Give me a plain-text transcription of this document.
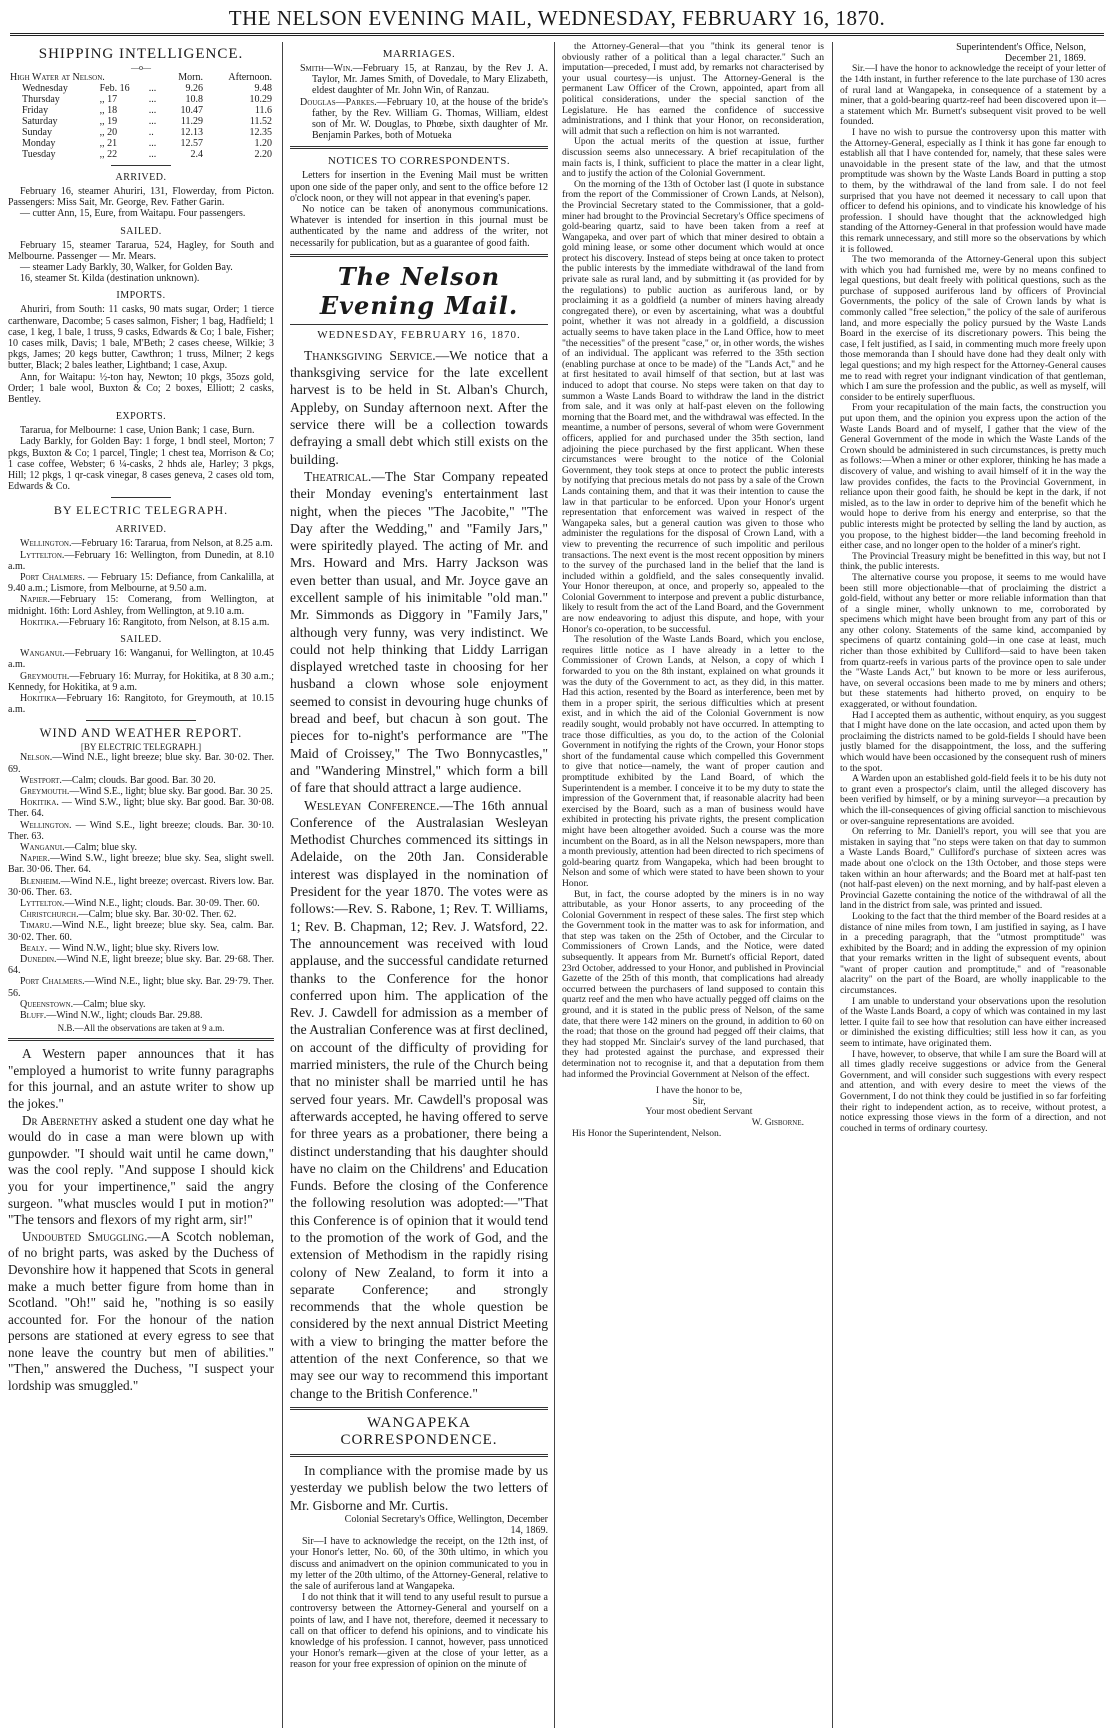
THE NELSON EVENING MAIL, WEDNESDAY, FEBRUARY 16, 1870.
SHIPPING INTELLIGENCE.
—o—
High Water at Nelson.			Morn.	Afternoon.
Wednesday	Feb. 16	...	9.26	9.48
Thursday	,, 17	...	10.8	10.29
Friday	,, 18	...	10.47	11.6
Saturday	,, 19	...	11.29	11.52
Sunday	,, 20	..	12.13	12.35
Monday	,, 21	...	12.57	1.20
Tuesday	,, 22	...	2.4	2.20
ARRIVED.

February 16, steamer Ahuriri, 131, Flowerday, from Picton. Passengers: Miss Sait, Mr. George, Rev. Father Garin.

— cutter Ann, 15, Eure, from Waitapu. Four passengers.

SAILED.

February 15, steamer Tararua, 524, Hagley, for South and Melbourne. Passenger — Mr. Mears.

— steamer Lady Barkly, 30, Walker, for Golden Bay.

16, steamer St. Kilda (destination unknown).

IMPORTS.

Ahuriri, from South: 11 casks, 90 mats sugar, Order; 1 tierce carthenware, Dacombe; 5 cases salmon, Fisher; 1 bag, Hadfield; 1 case, 1 keg, 1 bale, 1 truss, 9 casks, Edwards & Co; 1 bale, Fisher; 10 cases milk, Davis; 1 bale, M'Beth; 2 cases cheese, Wilkie; 3 pkgs, James; 20 kegs butter, Cawthron; 1 truss, Milner; 2 kegs butter, Black; 2 bales leather, Lightband; 1 case, Axup.

Ann, for Waitapu: ½-ton hay, Newton; 10 pkgs, 35ozs gold, Order; 1 bale wool, Buxton & Co; 2 boxes, Elliott; 2 casks, Bentley.

EXPORTS.

Tararua, for Melbourne: 1 case, Union Bank; 1 case, Burn.

Lady Barkly, for Golden Bay: 1 forge, 1 bndl steel, Morton; 7 pkgs, Buxton & Co; 1 parcel, Tingle; 1 chest tea, Morrison & Co; 1 case coffee, Webster; 6 ¼-casks, 2 hhds ale, Harley; 3 pkgs, Hill; 12 pkgs, 1 qr-cask vinegar, 8 cases geneva, 2 cases old tom, Edwards & Co.

BY ELECTRIC TELEGRAPH.
ARRIVED.

Wellington.—February 16: Tararua, from Nelson, at 8.25 a.m.

Lyttelton.—February 16: Wellington, from Dunedin, at 8.10 a.m.

Port Chalmers. — February 15: Defiance, from Cankalilla, at 9.40 a.m.; Lismore, from Melbourne, at 9.50 a.m.

Napier.—February 15: Comerang, from Wellington, at midnight. 16th: Lord Ashley, from Wellington, at 9.10 a.m.

Hokitika.—February 16: Rangitoto, from Nelson, at 8.15 a.m.

SAILED.

Wanganui.—February 16: Wanganui, for Wellington, at 10.45 a.m.

Greymouth.—February 16: Murray, for Hokitika, at 8 30 a.m.; Kennedy, for Hokitika, at 9 a.m.

Hokitika—February 16: Rangitoto, for Greymouth, at 10.15 a.m.

WIND AND WEATHER REPORT.
[BY ELECTRIC TELEGRAPH.]

Nelson.—Wind N.E., light breeze; blue sky. Bar. 30·02. Ther. 69.

Westport.—Calm; clouds. Bar good. Bar. 30 20.

Greymouth.—Wind S.E., light; blue sky. Bar good. Bar. 30 25.

Hokitika. — Wind S.W., light; blue sky. Bar good. Bar. 30·08. Ther. 64.

Wellington. — Wind S.E., light breeze; clouds. Bar. 30·10. Ther. 63.

Wanganui.—Calm; blue sky.

Napier.—Wind S.W., light breeze; blue sky. Sea, slight swell. Bar. 30·06. Ther. 64.

Blenheim.—Wind N.E., light breeze; overcast. Rivers low. Bar. 30·06. Ther. 63.

Lyttelton.—Wind N.E., light; clouds. Bar. 30·09. Ther. 60.

Christchurch.—Calm; blue sky. Bar. 30·02. Ther. 62.

Timaru.—Wind N.E., light breeze; blue sky. Sea, calm. Bar. 30·02. Ther. 60.

Bealy. — Wind N.W., light; blue sky. Rivers low.

Dunedin.—Wind N.E, light breeze; blue sky. Bar. 29·68. Ther. 64.

Port Chalmers.—Wind N.E., light; blue sky. Bar. 29·79. Ther. 56.

Queenstown.—Calm; blue sky.

Bluff.—Wind N.W., light; clouds Bar. 29.88.

N.B.—All the observations are taken at 9 a.m.

A Western paper announces that it has "employed a humorist to write funny paragraphs for this journal, and an astute writer to show up the jokes."

Dr Abernethy asked a student one day what he would do in case a man were blown up with gunpowder. "I should wait until he came down," was the cool reply. "And suppose I should kick you for your impertinence," said the angry surgeon. "what muscles would I put in motion?" "The tensors and flexors of my right arm, sir!"

Undoubted Smuggling.—A Scotch nobleman, of no bright parts, was asked by the Duchess of Devonshire how it happened that Scots in general make a much better figure from home than in Scotland. "Oh!" said he, "nothing is so easily accounted for. For the honour of the nation persons are stationed at every egress to see that none leave the country but men of abilities." "Then," answered the Duchess, "I suspect your lordship was smuggled."

MARRIAGES.

Smith—Win.—February 15, at Ranzau, by the Rev J. A. Taylor, Mr. James Smith, of Dovedale, to Mary Elizabeth, eldest daughter of Mr. John Win, of Ranzau.

Douglas—Parkes.—February 10, at the house of the bride's father, by the Rev. William G. Thomas, William, eldest son of Mr. W. Douglas, to Phœbe, sixth daughter of Mr. Benjamin Parkes, both of Motueka

NOTICES TO CORRESPONDENTS.

Letters for insertion in the Evening Mail must be written upon one side of the paper only, and sent to the office before 12 o'clock noon, or they will not appear in that evening's paper.

No notice can be taken of anonymous communications. Whatever is intended for insertion in this journal must be authenticated by the name and address of the writer, not necessarily for publication, but as a guarantee of good faith.

The Nelson Evening Mail.
WEDNESDAY, FEBRUARY 16, 1870.

Thanksgiving Service.—We notice that a thanksgiving service for the late excellent harvest is to be held in St. Alban's Church, Appleby, on Sunday afternoon next. After the service there will be a collection towards defraying a small debt which still exists on the building.

Theatrical.—The Star Company repeated their Monday evening's entertainment last night, when the pieces "The Jacobite," "The Day after the Wedding," and "Family Jars," were spiritedly played. The acting of Mr. and Mrs. Howard and Mrs. Harry Jackson was even better than usual, and Mr. Joyce gave an excellent sample of his inimitable "old man." Mr. Simmonds as Diggory in "Family Jars," although very funny, was very indistinct. We could not help thinking that Liddy Larrigan displayed wretched taste in choosing for her husband a clown whose sole enjoyment seemed to consist in devouring huge chunks of bread and beef, but chacun à son gout. The pieces for to-night's performance are "The Maid of Croissey," The Two Bonnycastles," and "Wandering Minstrel," which form a bill of fare that should attract a large audience.

Wesleyan Conference.—The 16th annual Conference of the Australasian Wesleyan Methodist Churches commenced its sittings in Adelaide, on the 20th Jan. Considerable interest was displayed in the nomination of President for the year 1870. The votes were as follows:—Rev. S. Rabone, 1; Rev. T. Williams, 1; Rev. B. Chapman, 12; Rev. J. Watsford, 22. The announcement was received with loud applause, and the successful candidate returned thanks to the Conference for the honor conferred upon him. The application of the Rev. J. Cawdell for admission as a member of the Australian Conference was at first declined, on account of the difficulty of providing for married ministers, the rule of the Church being that no minister shall be married until he has served four years. Mr. Cawdell's proposal was afterwards accepted, he having offered to serve for three years as a probationer, there being a distinct understanding that his daughter should have no claim on the Childrens' and Education Funds. Before the closing of the Conference the following resolution was adopted:—"That this Conference is of opinion that it would tend to the promotion of the work of God, and the extension of Methodism in the rapidly rising colony of New Zealand, to form it into a separate Conference; and strongly recommends that the whole question be considered by the next annual District Meeting with a view to bringing the matter before the attention of the next Conference, so that we may see our way to recommend this important change to the British Conference."

WANGAPEKA CORRESPONDENCE.

In compliance with the promise made by us yesterday we publish below the two letters of Mr. Gisborne and Mr. Curtis.

Colonial Secretary's Office, Wellington, December 14, 1869.

Sir—I have to acknowledge the receipt, on the 12th inst, of your Honor's letter, No. 60, of the 30th ultimo, in which you discuss and animadvert on the opinion communicated to you in my letter of the 20th ultimo, of the Attorney-General, relative to the sale of auriferous land at Wangapeka.

I do not think that it will tend to any useful result to pursue a controversy between the Attorney-General and yourself on a points of law, and I have not, therefore, deemed it necessary to call on that officer to defend his opinions, and to vindicate his knowledge of his profession. I cannot, however, pass unnoticed your Honor's remark—given at the close of your letter, as a reason for your free expression of opinion on the minute of

the Attorney-General—that you "think its general tenor is obviously rather of a political than a legal character." Such an imputation—preceded, I must add, by remarks not characterised by your usual courtesy—is unjust. The Attorney-General is the permanent Law Officer of the Crown, appointed, apart from all political considerations, under the special sanction of the Legislature. He has earned the confidence of successive administrations, and I think that your Honor, on reconsideration, will admit that such a reflection on him is not warranted.

Upon the actual merits of the question at issue, further discussion seems also unnecessary. A brief recapitulation of the main facts is, I think, sufficient to place the matter in a clear light, and to justify the action of the Colonial Government.

On the morning of the 13th of October last (I quote in substance from the report of the Commissioner of Crown Lands, at Nelson), the Provincial Secretary stated to the Commissioner, that a gold-miner had brought to the Provincial Secretary's Office specimens of gold-bearing quartz, said to have been taken from a reef at Wangapeka, and over part of which that miner desired to obtain a gold mining lease, or some other document which would at once protect his discovery. Instead of steps being at once taken to protect the public interests by the immediate withdrawal of the land from private sale as rural land, and by submitting it (as provided for by the regulations) to public auction as auriferous land, or by proclaiming it as a goldfield (a number of miners having already congregated there), or even by ascertaining, what was a doubtful point, whether it was not already in a goldfield, a discussion actually seems to have taken place in the Land Office, how to meet "the necessities" of the present "case," or, in other words, the wishes of an individual. The applicant was referred to the 35th section (enabling purchase at once to be made) of the "Lands Act," and he at first hesitated to avail himself of that section, but at last was induced to adopt that course. No steps were taken on that day to summon a Waste Lands Board to withdraw the land in the district from sale, and it was only at half-past eleven on the following morning that the Board met, and the withdrawal was effected. In the meantime, a number of persons, several of whom were Government officers, applied for and purchased under the 35th section, land adjoining the piece purchased by the first applicant. When these circumstances were brought to the notice of the Colonial Government, they took steps at once to protect the public interests by notifying that precious metals do not pass by a sale of the Crown Lands containing them, and that it was their intention to cause the law in that particular to be enforced. Upon your Honor's urgent representation that enforcement was waived in respect of the Wangapeka sales, but a general caution was given to those who administer the regulations for the disposal of Crown Land, with a view to preventing the recurrence of such impolitic and perilous transactions. The next event is the most recent opposition by miners to the survey of the purchased land in the belief that the land is included within a goldfield, and the sales consequently invalid. Your Honor thereupon, at once, and properly so, appealed to the Colonial Government to interpose and prevent a public disturbance, likely to result from the act of the Land Board, and the Government are now endeavoring to adjust this dispute, and hope, with your Honor's co-operation, to be successful.

The resolution of the Waste Lands Board, which you enclose, requires little notice as I have already in a letter to the Commissioner of Crown Lands, at Nelson, a copy of which I forwarded to you on the 8th instant, explained on what grounds it was the duty of the Government to act, as they did, in this matter. Had this action, resented by the Board as interference, been met by them in a proper spirit, the serious difficulties which at present exist, and in which the aid of the Colonial Government is now readily sought, would probably not have occurred. In attempting to trace those difficulties, as you do, to the action of the Colonial Government in notifying the rights of the Crown, your Honor stops short of the fundamental cause which compelled this Government to give that notice—namely, the want of proper caution and promptitude exhibited by the Land Board, of which the Superintendent is a member. I conceive it to be my duty to state the impression of the Government that, if reasonable alacrity had been exercised by the Board, such as a man of business would have exhibited in protecting his private rights, the present complication might have been altogether avoided. Such a course was the more incumbent on the Board, as in all the Nelson newspapers, more than a month previously, attention had been directed to rich specimens of gold-bearing quartz from Wangapeka, which had been brought to Nelson and some of which were stated to have been shown to your Honor.

But, in fact, the course adopted by the miners is in no way attributable, as your Honor asserts, to any proceeding of the Colonial Government in respect of these sales. The first step which the Government took in the matter was to ask for information, and that step was taken on the 25th of October, and the Circular to Commissioners of Crown Lands, and the Notice, were dated subsequently. It appears from Mr. Burnett's official Report, dated 23rd October, addressed to your Honor, and published in Provincial Gazette of the 25th of this month, that complications had already occurred between the purchasers of land supposed to contain this quartz reef and the men who have actually pegged off claims on the ground, and it is stated in the public press of Nelson, of the same date, that there were 142 miners on the ground, in addition to 60 on the road; that those on the ground had pegged off their claims, that they had stopped Mr. Sinclair's survey of the land purchased, that they had protested against the purchase, and expressed their determination not to recognise it, and that a deputation from them had informed the Provincial Government at Nelson of the effect.

I have the honor to be,

Sir,

Your most obedient Servant

W. Gisborne.
His Honor the Superintendent, Nelson.

Superintendent's Office, Nelson,

December 21, 1869.

Sir.—I have the honor to acknowledge the receipt of your letter of the 14th instant, in further reference to the late purchase of 130 acres of rural land at Wangapeka, in consequence of a statement by a miner, that a gold-bearing quartz-reef had been discovered upon it—a statement which Mr. Burnett's subsequent visit proved to be well founded.

I have no wish to pursue the controversy upon this matter with the Attorney-General, especially as I think it has gone far enough to establish all that I have contended for, namely, that these sales were unavoidable in the present state of the law, and that the utmost promptitude was shown by the Waste Lands Board in putting a stop to them, by the withdrawal of the land from sale. I do not feel surprised that you have not deemed it necessary to call upon that officer to defend his opinions, and to vindicate his knowledge of his profession. I should have thought that the acknowledged high standing of the Attorney-General in that profession would have made this remark unnecessary, and still more so the observations by which it is followed.

The two memoranda of the Attorney-General upon this subject with which you had furnished me, were by no means confined to legal questions, but dealt freely with political questions, such as the purchase of supposed auriferous land by officers of Provincial Governments, the policy of the sale of Crown lands by what is commonly called "free selection," the policy of the sale of auriferous land, and more especially the policy pursued by the Waste Lands Board in the exercise of its discretionary powers. This being the case, I felt justified, as I said, in commenting much more freely upon those memoranda than I should have done had they dealt only with legal questions; and my high respect for the Attorney-General causes me to read with regret your indignant vindication of that gentleman, which I am sure the profession and the public, as well as myself, will consider to be entirely superfluous.

From your recapitulation of the main facts, the construction you put upon them, and the opinion you express upon the action of the Waste Lands Board and of myself, I gather that the view of the General Government of the mode in which the Waste Lands of the Crown should be administered in such circumstances, is pretty much as follows:—When a miner or other explorer, thinking he has made a discovery of value, and wishing to avail himself of it in the way the law provides confides, the facts to the Provincial Government, in reliance upon their good faith, he should be kept in the dark, if not misled, as to the law in order to deprive him of the benefit which he would hope to derive from his energy and enterprise, so that the public interests might be protected by selling the land by auction, as you propose, to the highest bidder—the land becoming freehold in either case, and no longer open to the holder of a miner's right.

The Provincial Treasury might be benefitted in this way, but not I think, the public interests.

The alternative course you propose, it seems to me would have been still more objectionable—that of proclaiming the district a gold-field, without any better or more reliable information than that of a single miner, wholly unknown to me, corroborated by specimens which might have been brought from any part of this or any other colony. Statements of the same kind, accompanied by specimens of quartz containing gold—in one case at least, much richer than those exhibited by Culliford—said to have been taken from quartz-reefs in various parts of the province open to sale under the "Waste Lands Act," but known to be more or less auriferous, have, on several occasions been made to me by miners and others; but these statements had hitherto proved, on enquiry to be exaggerated, or without foundation.

Had I accepted them as authentic, without enquiry, as you suggest that I might have done on the late occasion, and acted upon them by proclaiming the districts named to be gold-fields I should have been justly blamed for the disappointment, the loss, and the suffering which would have been occasioned by the consequent rush of miners to the spot.

A Warden upon an established gold-field feels it to be his duty not to grant even a prospector's claim, until the alleged discovery has been verified by himself, or by a mining surveyor—a precaution by which the ill-consequences of giving official sanction to mischievous or over-sanguine representations are avoided.

On referring to Mr. Daniell's report, you will see that you are mistaken in saying that "no steps were taken on that day to summon a Waste Lands Board," Culliford's purchase of sixteen acres was made about one o'clock on the 13th October, and those steps were taken within an hour afterwards; and the Board met at half-past ten (not half-past eleven) on the next morning, and by half-past eleven a Provincial Gazette containing the notice of the withdrawal of all the land in the district from sale, was printed and issued.

Looking to the fact that the third member of the Board resides at a distance of nine miles from town, I am justified in saying, as I have in a preceding paragraph, that the "utmost promptitude" was exhibited by the Board; and in adding the expression of my opinion that your remarks written in the light of subsequent events, about "want of proper caution and promptitude," and of "reasonable alacrity" on the part of the Board, are wholly inapplicable to the circumstances.

I am unable to understand your observations upon the resolution of the Waste Lands Board, a copy of which was contained in my last letter. I quite fail to see how that resolution can have either increased or diminished the existing difficulties; still less how it can, as you seem to intimate, have originated them.

I have, however, to observe, that while I am sure the Board will at all times gladly receive suggestions or advice from the General Government, and will consider such suggestions with every respect and attention, and with every desire to meet the views of the Government, I do not think they could be justified in so far forfeiting their right to independent action, as to receive, without protest, a notice expressing those views in the form of a direction, and not couched in terms of ordinary courtesy.
